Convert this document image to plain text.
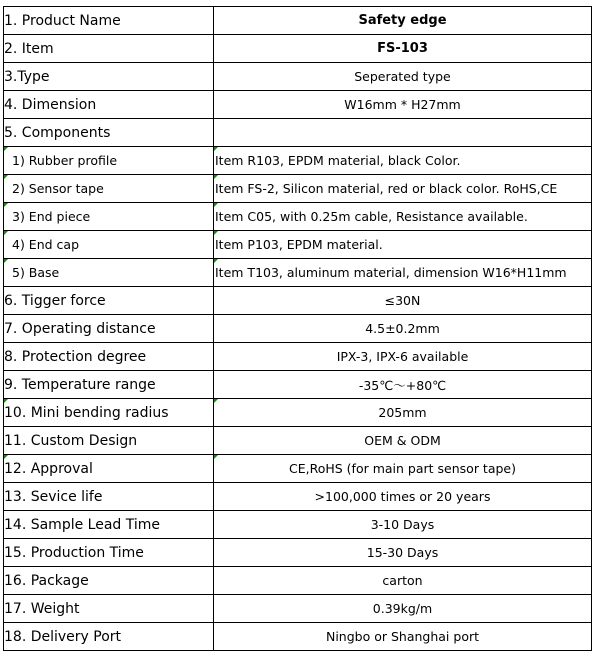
1. Product Name	Safety edge
2. Item	FS-103
3.Type	Seperated type
4. Dimension	W16mm * H27mm
5. Components	
1) Rubber profile	Item R103, EPDM material, black Color.

2) Sensor tape	Item FS-2, Silicon material, red or black color. RoHS,CE

3) End piece	Item C05, with 0.25m cable, Resistance available.

4) End cap	Item P103, EPDM material.

5) Base	Item T103, aluminum material, dimension W16*H11mm

6. Tigger force	≤30N
7. Operating distance	4.5±0.2mm
8. Protection degree	IPX-3, IPX-6 available
9. Temperature range	-35℃～+80℃
10. Mini bending radius	205mm

11. Custom Design	OEM & ODM
12. Approval	CE,RoHS (for main part sensor tape)

13. Sevice life	>100,000 times or 20 years
14. Sample Lead Time	3-10 Days
15. Production Time	15-30 Days
16. Package	carton
17. Weight	0.39kg/m
18. Delivery Port	Ningbo or Shanghai port
